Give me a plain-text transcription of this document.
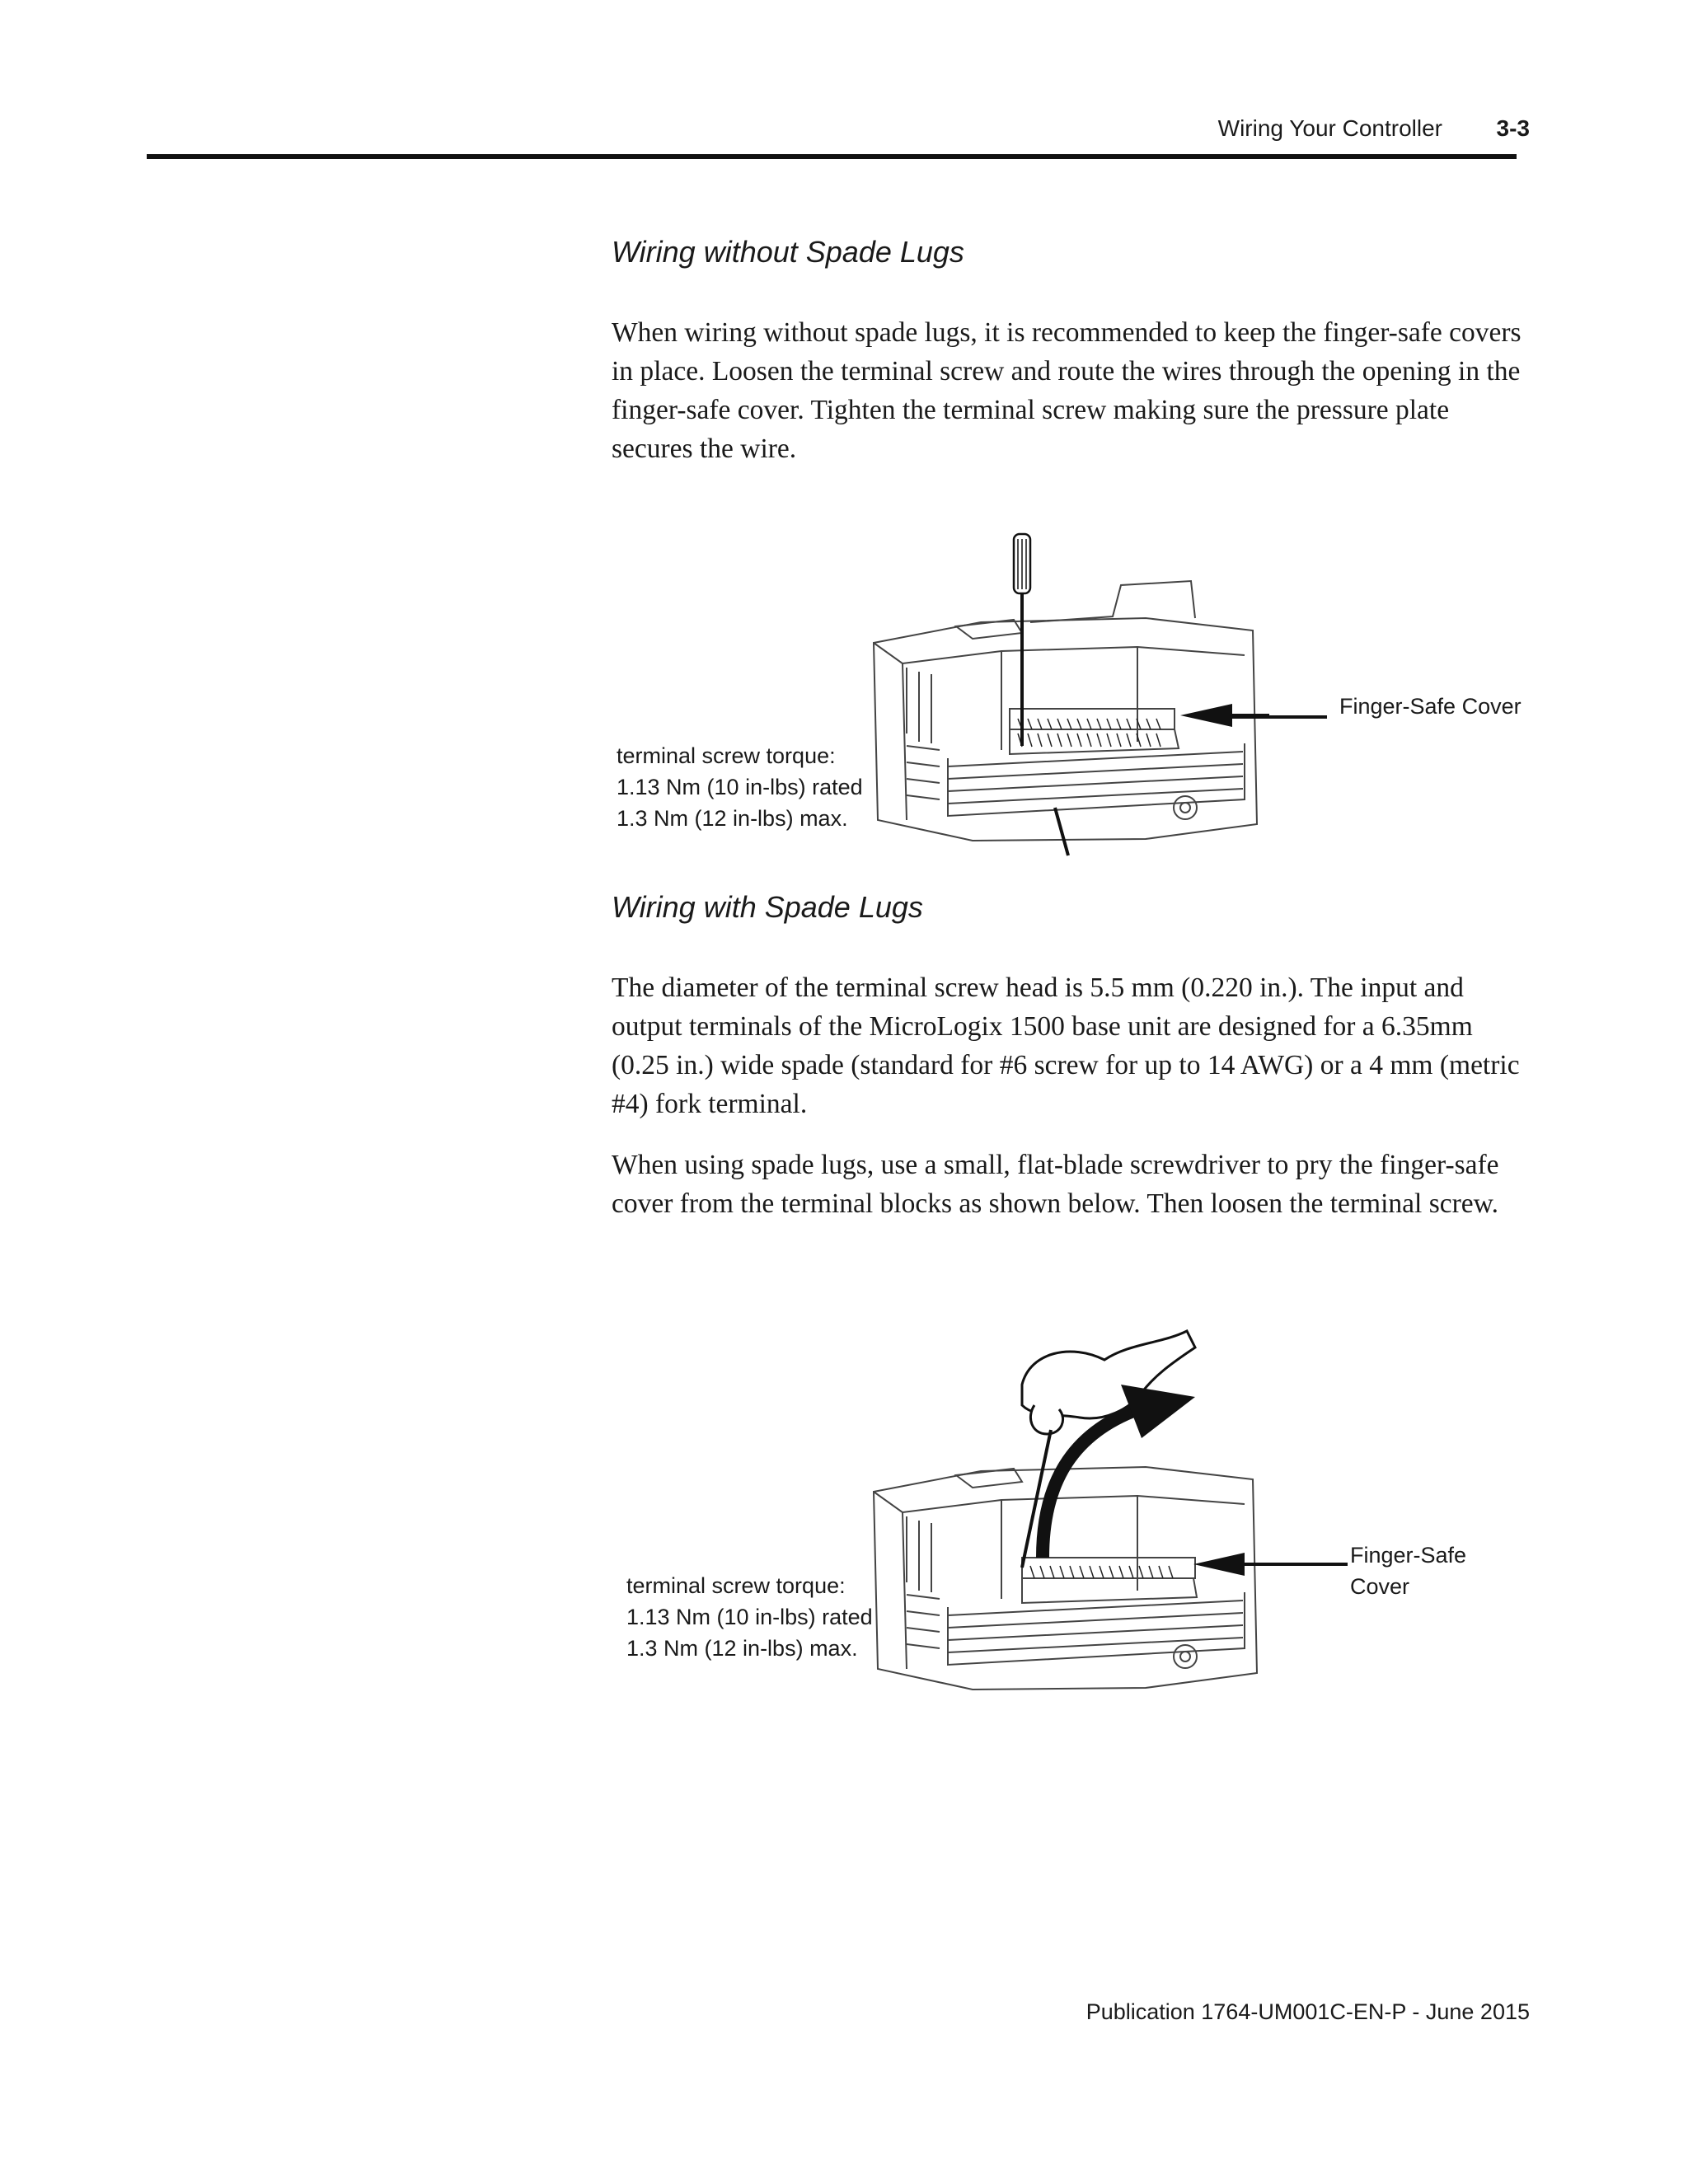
Wiring Your Controller 3-3
Wiring without Spade Lugs
When wiring without spade lugs, it is recommended to keep the finger-safe covers in place. Loosen the terminal screw and route the wires through the opening in the finger-safe cover. Tighten the terminal screw making sure the pressure plate secures the wire.
Finger-Safe Cover
terminal screw torque:
1.13 Nm (10 in-lbs) rated
1.3 Nm (12 in-lbs) max.
Wiring with Spade Lugs
The diameter of the terminal screw head is 5.5 mm (0.220 in.). The input and output terminals of the MicroLogix 1500 base unit are designed for a 6.35mm (0.25 in.) wide spade (standard for #6 screw for up to 14 AWG) or a 4 mm (metric #4) fork terminal.
When using spade lugs, use a small, flat-blade screwdriver to pry the finger-safe cover from the terminal blocks as shown below. Then loosen the terminal screw.
Finger-Safe
Cover
terminal screw torque:
1.13 Nm (10 in-lbs) rated
1.3 Nm (12 in-lbs) max.
Publication 1764-UM001C-EN-P - June 2015
